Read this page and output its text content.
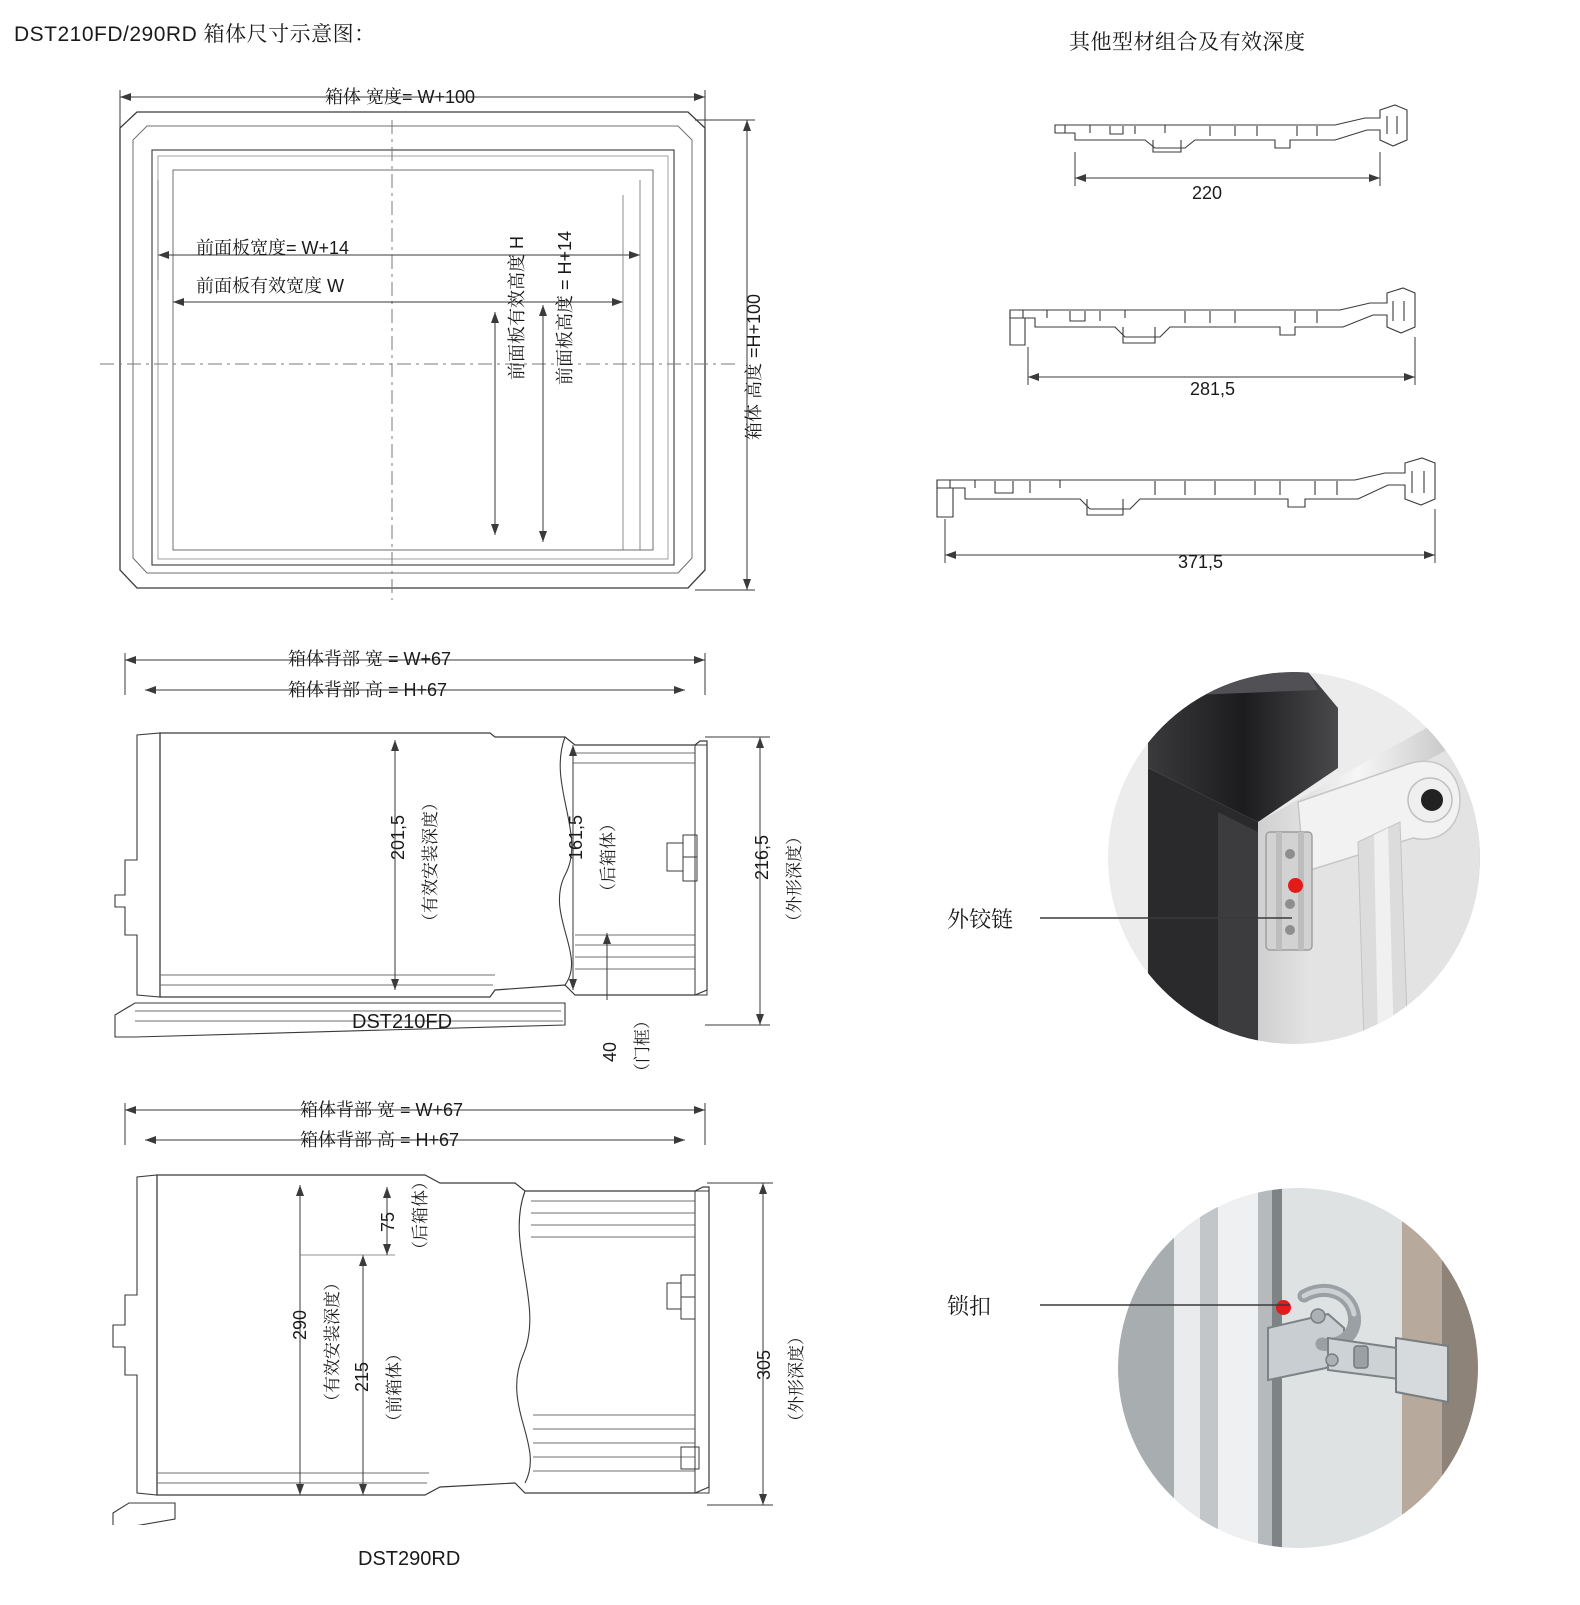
DST210FD/290RD 箱体尺寸示意图：	其他型材组合及有效深度
箱体 宽度= W+100
前面板宽度= W+14
前面板有效宽度 W	前面板有效高度 H 前面板高度 = H+14	箱体 高度 =H+100
220
281,5
371,5
箱体背部 宽 = W+67
箱体背部 高 = H+67
201,5 （有效安装深度）	161,5 （后箱体）	216,5 （外形深度）
40 （门框）
DST210FD
箱体背部 宽 = W+67
箱体背部 高 = H+67
290 （有效安装深度） 215 （前箱体）
75 （后箱体）
305 （外形深度）
DST290RD
外铰链
锁扣
